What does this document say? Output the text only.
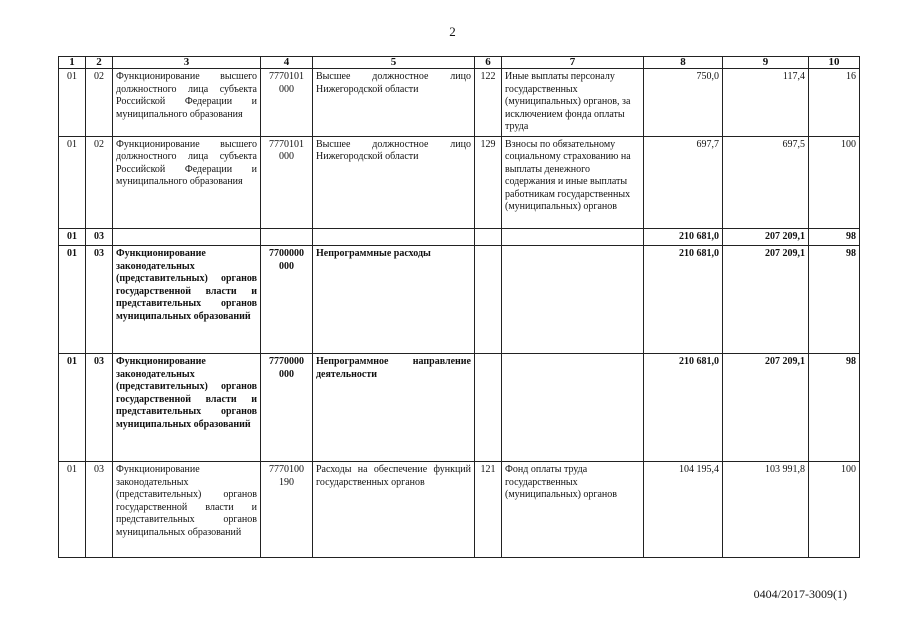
2
1	2	3	4	5	6	7	8	9	10
01	02	Функционирование высшего должностного лица субъекта Российской Федерации и муниципального образования	7770101 000	Высшее должностное лицо Нижегородской области	122	Иные выплаты персоналу государственных (муниципальных) органов, за исключением фонда оплаты труда	750,0	117,4	16
01	02	Функционирование высшего должностного лица субъекта Российской Федерации и муниципального образования	7770101 000	Высшее должностное лицо Нижегородской области	129	Взносы по обязательному социальному страхованию на выплаты денежного содержания и иные выплаты работникам государственных (муниципальных) органов	697,7	697,5	100
01	03						210 681,0	207 209,1	98
01	03	Функционирование законодательных (представительных) органов государственной власти и представительных органов муниципальных образований	7700000 000	Непрограммные расходы			210 681,0	207 209,1	98
01	03	Функционирование законодательных (представительных) органов государственной власти и представительных органов муниципальных образований	7770000 000	Непрограммное направление деятельности			210 681,0	207 209,1	98
01	03	Функционирование законодательных (представительных) органов государственной власти и представительных органов муниципальных образований	7770100 190	Расходы на обеспечение функций государственных органов	121	Фонд оплаты труда государственных (муниципальных) органов	104 195,4	103 991,8	100
0404/2017-3009(1)
